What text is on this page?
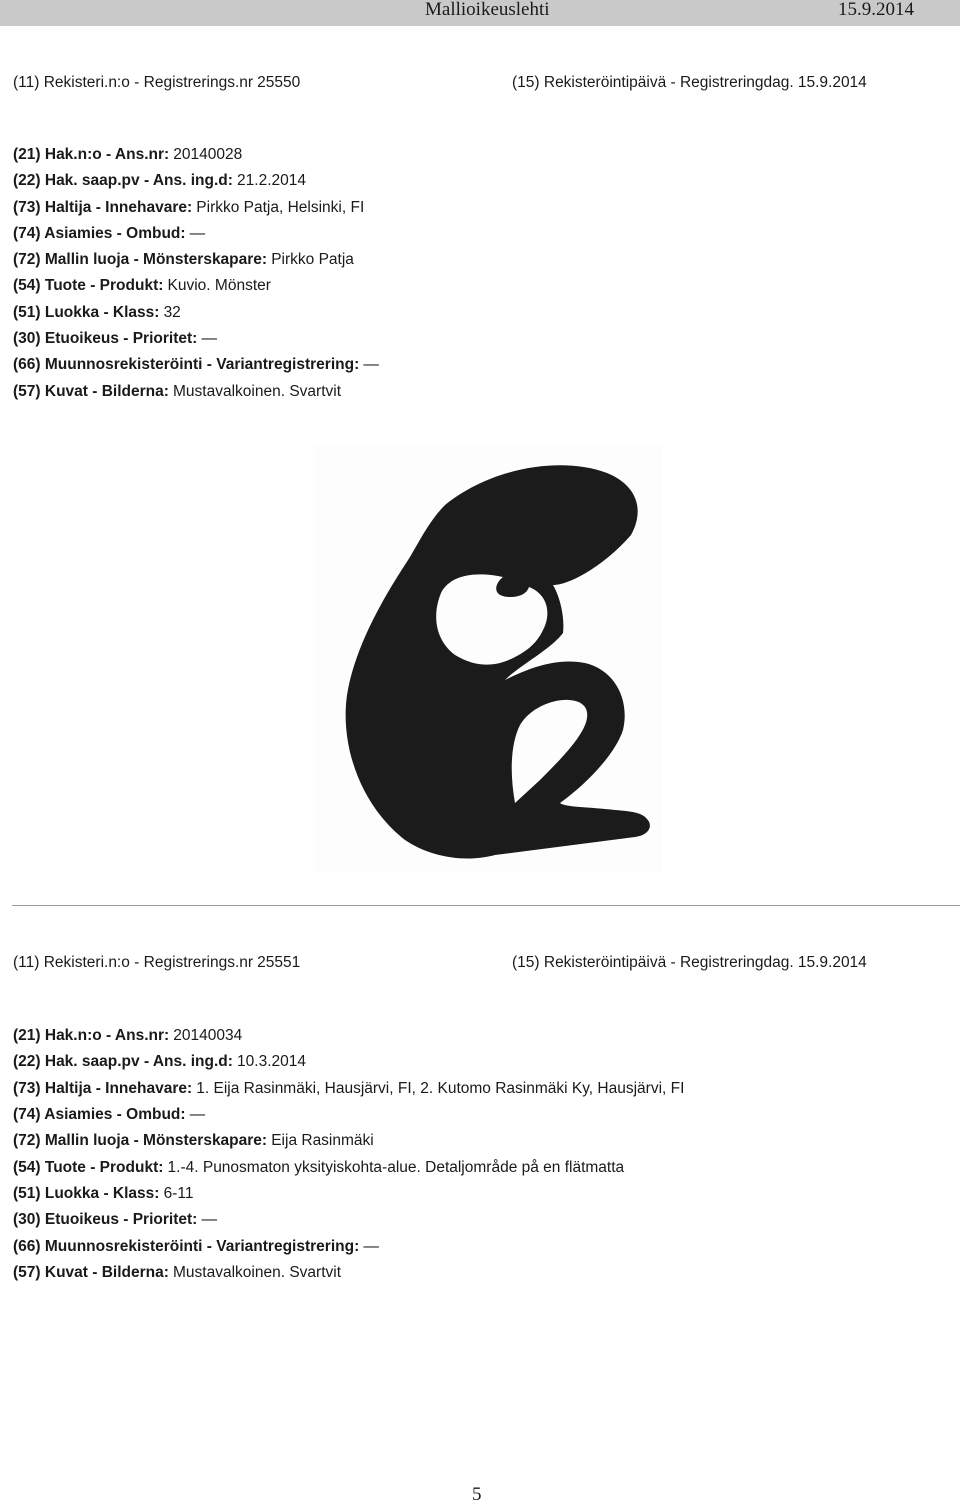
Mallioikeuslehti	15.9.2014
(11) Rekisteri.n:o - Registrerings.nr 25550	(15) Rekisteröintipäivä - Registreringdag. 15.9.2014
(21) Hak.n:o - Ans.nr: 20140028
(22) Hak. saap.pv - Ans. ing.d: 21.2.2014
(73) Haltija - Innehavare: Pirkko Patja, Helsinki, FI
(74) Asiamies - Ombud: —
(72) Mallin luoja - Mönsterskapare: Pirkko Patja
(54) Tuote - Produkt: Kuvio. Mönster
(51) Luokka - Klass: 32
(30) Etuoikeus - Prioritet: —
(66) Muunnosrekisteröinti - Variantregistrering: —
(57) Kuvat - Bilderna: Mustavalkoinen. Svartvit
(11) Rekisteri.n:o - Registrerings.nr 25551	(15) Rekisteröintipäivä - Registreringdag. 15.9.2014
(21) Hak.n:o - Ans.nr: 20140034
(22) Hak. saap.pv - Ans. ing.d: 10.3.2014
(73) Haltija - Innehavare: 1. Eija Rasinmäki, Hausjärvi, FI, 2. Kutomo Rasinmäki Ky, Hausjärvi, FI
(74) Asiamies - Ombud: —
(72) Mallin luoja - Mönsterskapare: Eija Rasinmäki
(54) Tuote - Produkt: 1.-4. Punosmaton yksityiskohta-alue. Detaljområde på en flätmatta
(51) Luokka - Klass: 6-11
(30) Etuoikeus - Prioritet: —
(66) Muunnosrekisteröinti - Variantregistrering: —
(57) Kuvat - Bilderna: Mustavalkoinen. Svartvit
5
